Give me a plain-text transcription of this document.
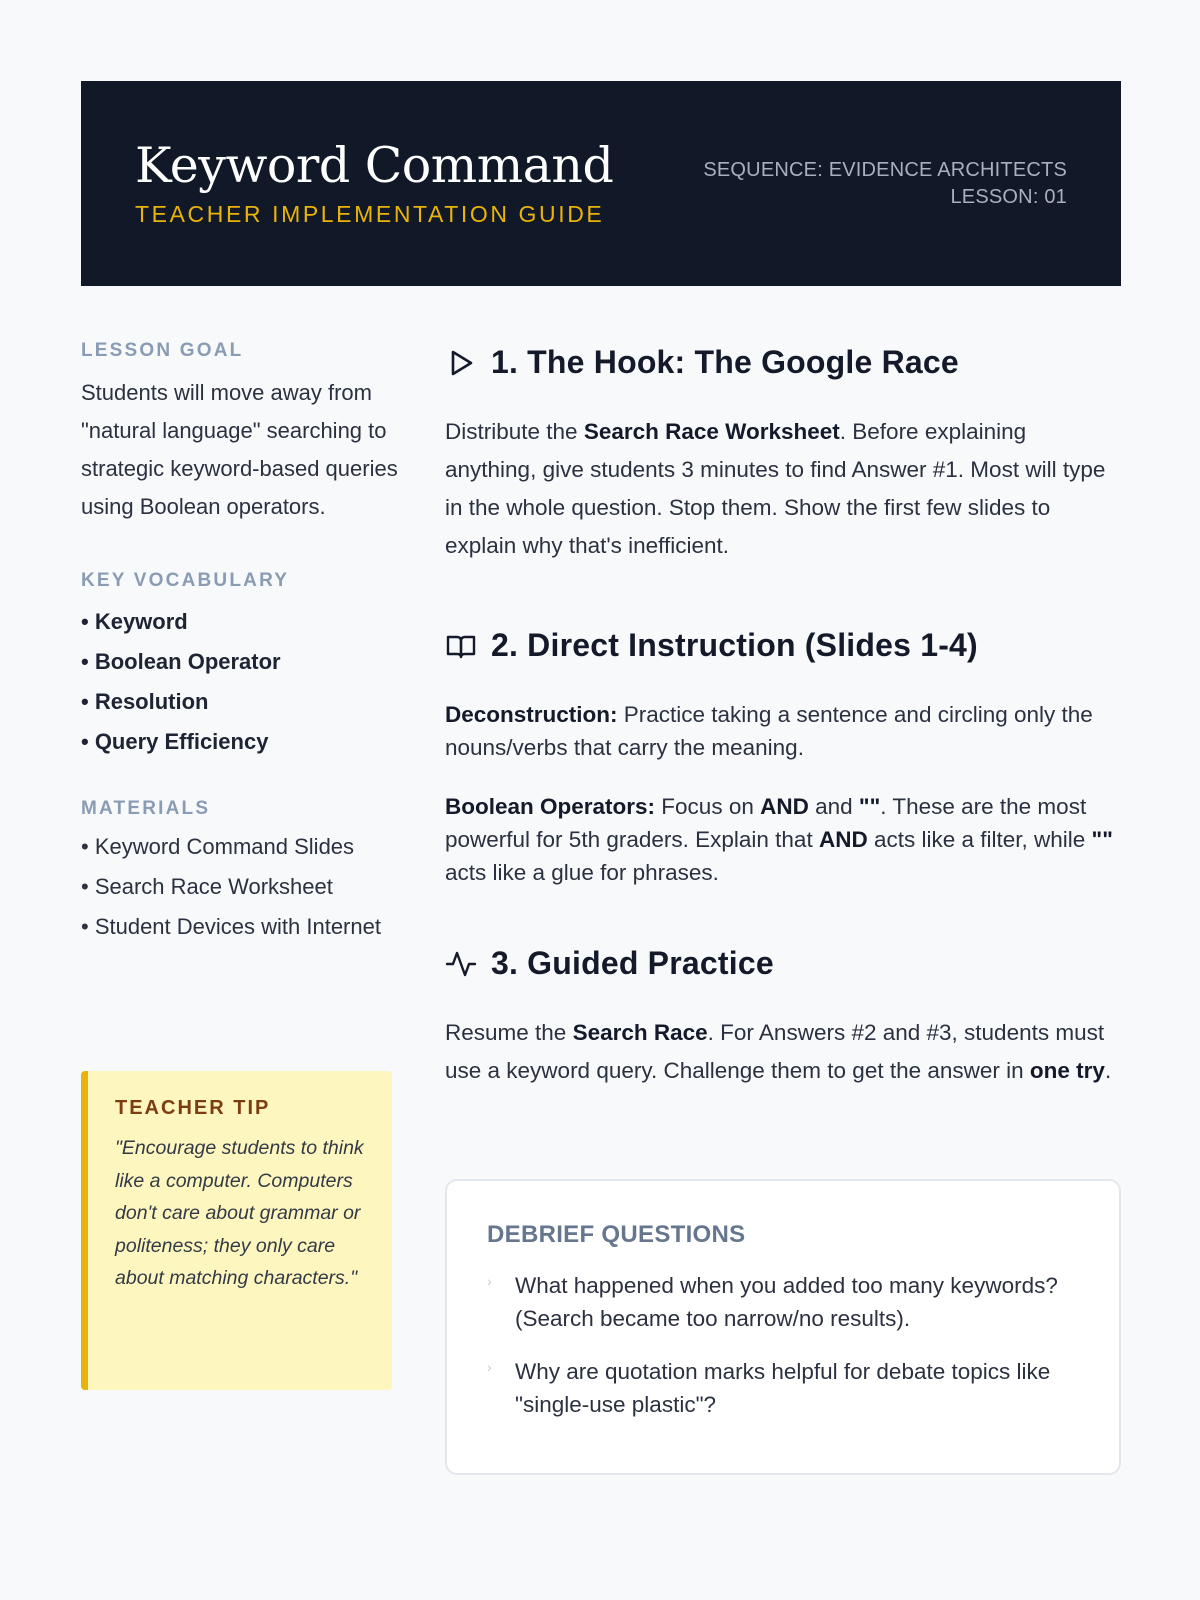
Keyword Command
TEACHER IMPLEMENTATION GUIDE
SEQUENCE: EVIDENCE ARCHITECTS
LESSON: 01
LESSON GOAL

Students will move away from "natural language" searching to strategic keyword-based queries using Boolean operators.

KEY VOCABULARY
• Keyword
• Boolean Operator
• Resolution
• Query Efficiency
MATERIALS
• Keyword Command Slides
• Search Race Worksheet
• Student Devices with Internet
TEACHER TIP

"Encourage students to think like a computer. Computers don't care about grammar or politeness; they only care about matching characters."

1. The Hook: The Google Race

Distribute the Search Race Worksheet. Before explaining anything, give students 3 minutes to find Answer #1. Most will type in the whole question. Stop them. Show the first few slides to explain why that's inefficient.

2. Direct Instruction (Slides 1-4)

Deconstruction: Practice taking a sentence and circling only the nouns/verbs that carry the meaning.

Boolean Operators: Focus on AND and "". These are the most powerful for 5th graders. Explain that AND acts like a filter, while "" acts like a glue for phrases.

3. Guided Practice

Resume the Search Race. For Answers #2 and #3, students must use a keyword query. Challenge them to get the answer in one try.

DEBRIEF QUESTIONS
›	What happened when you added too many keywords? (Search became too narrow/no results).
›	Why are quotation marks helpful for debate topics like "single-use plastic"?
